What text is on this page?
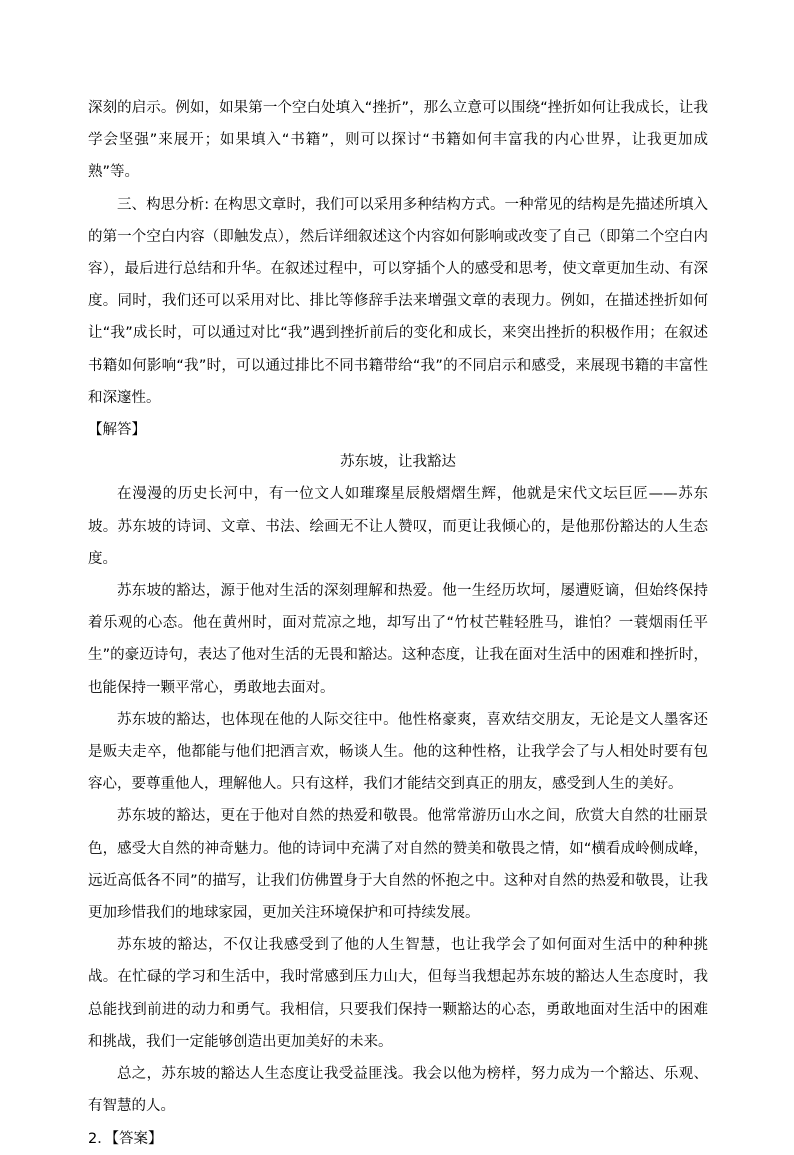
深刻的启示。例如，如果第一个空白处填入“挫折”，那么立意可以围绕“挫折如何让我成长，让我学会坚强”来展开；如果填入“书籍”，则可以探讨“书籍如何丰富我的内心世界，让我更加成熟”等。

三、构思分析: 在构思文章时，我们可以采用多种结构方式。一种常见的结构是先描述所填入的第一个空白内容（即触发点），然后详细叙述这个内容如何影响或改变了自己（即第二个空白内容），最后进行总结和升华。在叙述过程中，可以穿插个人的感受和思考，使文章更加生动、有深度。同时，我们还可以采用对比、排比等修辞手法来增强文章的表现力。例如，在描述挫折如何让“我”成长时，可以通过对比“我”遇到挫折前后的变化和成长，来突出挫折的积极作用；在叙述书籍如何影响“我”时，可以通过排比不同书籍带给“我”的不同启示和感受，来展现书籍的丰富性和深邃性。

【解答】

苏东坡，让我豁达

在漫漫的历史长河中，有一位文人如璀璨星辰般熠熠生辉，他就是宋代文坛巨匠——苏东坡。苏东坡的诗词、文章、书法、绘画无不让人赞叹，而更让我倾心的，是他那份豁达的人生态度。

苏东坡的豁达，源于他对生活的深刻理解和热爱。他一生经历坎坷，屡遭贬谪，但始终保持着乐观的心态。他在黄州时，面对荒凉之地，却写出了“竹杖芒鞋轻胜马，谁怕？一蓑烟雨任平生”的豪迈诗句，表达了他对生活的无畏和豁达。这种态度，让我在面对生活中的困难和挫折时，也能保持一颗平常心，勇敢地去面对。

苏东坡的豁达，也体现在他的人际交往中。他性格豪爽，喜欢结交朋友，无论是文人墨客还是贩夫走卒，他都能与他们把酒言欢，畅谈人生。他的这种性格，让我学会了与人相处时要有包容心，要尊重他人，理解他人。只有这样，我们才能结交到真正的朋友，感受到人生的美好。

苏东坡的豁达，更在于他对自然的热爱和敬畏。他常常游历山水之间，欣赏大自然的壮丽景色，感受大自然的神奇魅力。他的诗词中充满了对自然的赞美和敬畏之情，如“横看成岭侧成峰，远近高低各不同”的描写，让我们仿佛置身于大自然的怀抱之中。这种对自然的热爱和敬畏，让我更加珍惜我们的地球家园，更加关注环境保护和可持续发展。

苏东坡的豁达，不仅让我感受到了他的人生智慧，也让我学会了如何面对生活中的种种挑战。在忙碌的学习和生活中，我时常感到压力山大，但每当我想起苏东坡的豁达人生态度时，我总能找到前进的动力和勇气。我相信，只要我们保持一颗豁达的心态，勇敢地面对生活中的困难和挑战，我们一定能够创造出更加美好的未来。

总之，苏东坡的豁达人生态度让我受益匪浅。我会以他为榜样，努力成为一个豁达、乐观、有智慧的人。

2．【答案】
